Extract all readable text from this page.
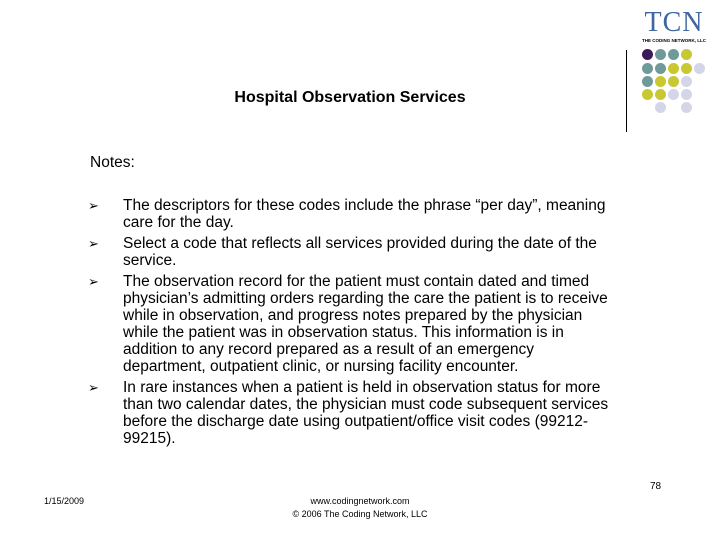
TCN
THE CODING NETWORK, LLC
Hospital Observation Services
Notes:
➢	The descriptors for these codes include the phrase “per day”, meaning care for the day.
➢	Select a code that reflects all services provided during the date of the service.
➢	The observation record for the patient must contain dated and timed physician’s admitting orders regarding the care the patient is to receive while in observation, and progress notes prepared by the physician while the patient was in observation status. This information is in addition to any record prepared as a result of an emergency department, outpatient clinic, or nursing facility encounter.
➢	In rare instances when a patient is held in observation status for more than two calendar dates, the physician must code subsequent services before the discharge date using outpatient/office visit codes (99212-99215).
78
1/15/2009	www.codingnetwork.com
© 2006 The Coding Network, LLC
